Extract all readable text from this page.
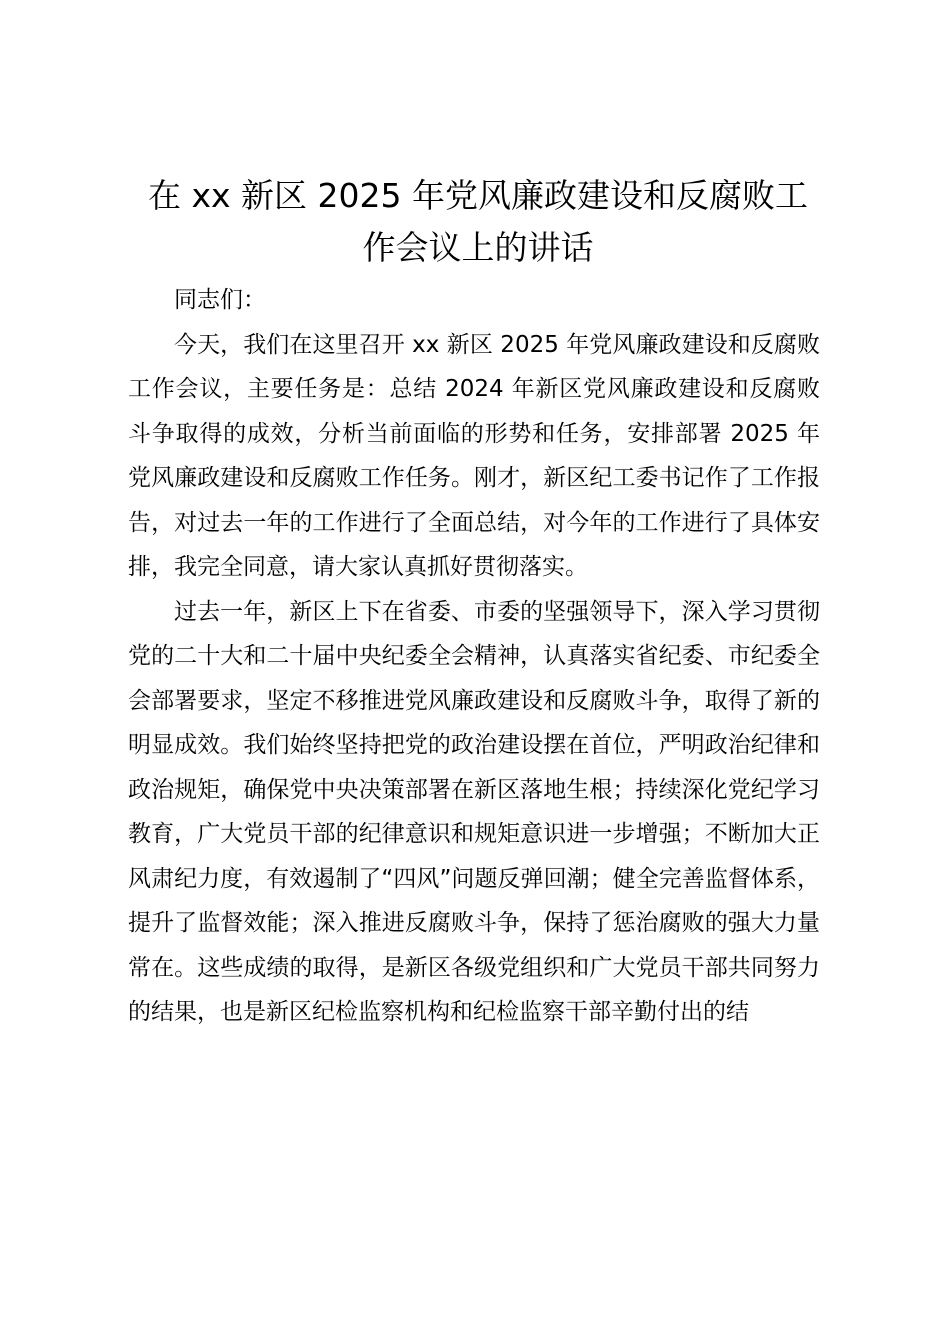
在 xx 新区 2025 年党风廉政建设和反腐败工
作会议上的讲话

同志们：

今天，我们在这里召开 xx 新区 2025 年党风廉政建设和反腐败工作会议，主要任务是：总结 2024 年新区党风廉政建设和反腐败斗争取得的成效，分析当前面临的形势和任务，安排部署 2025 年党风廉政建设和反腐败工作任务。刚才，新区纪工委书记作了工作报告，对过去一年的工作进行了全面总结，对今年的工作进行了具体安排，我完全同意，请大家认真抓好贯彻落实。

过去一年，新区上下在省委、市委的坚强领导下，深入学习贯彻党的二十大和二十届中央纪委全会精神，认真落实省纪委、市纪委全会部署要求，坚定不移推进党风廉政建设和反腐败斗争，取得了新的明显成效。我们始终坚持把党的政治建设摆在首位，严明政治纪律和政治规矩，确保党中央决策部署在新区落地生根；持续深化党纪学习教育，广大党员干部的纪律意识和规矩意识进一步增强；不断加大正风肃纪力度，有效遏制了“四风”问题反弹回潮；健全完善监督体系，提升了监督效能；深入推进反腐败斗争，保持了惩治腐败的强大力量常在。这些成绩的取得，是新区各级党组织和广大党员干部共同努力的结果，也是新区纪检监察机构和纪检监察干部辛勤付出的结
